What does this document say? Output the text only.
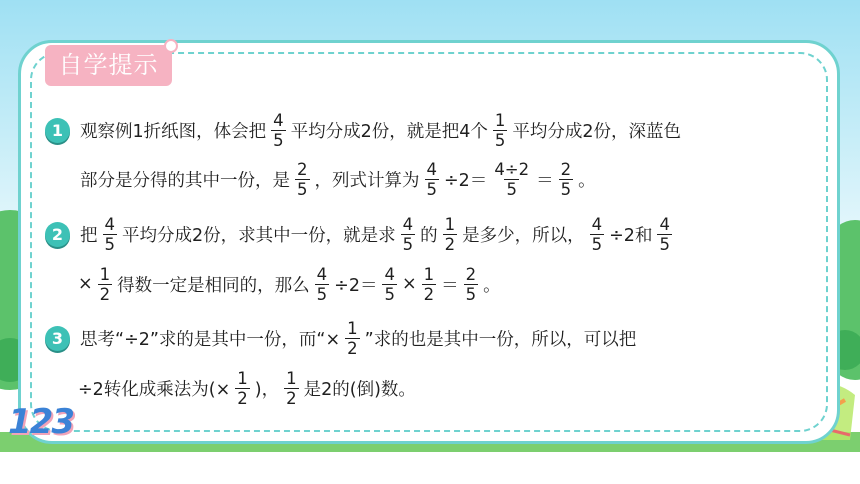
自学提示
1 观察例1折纸图，体会把 $\frac{4}{5}$ 平均分成2份，就是把4个 $\frac{1}{5}$ 平均分成2份，深蓝色
部分是分得的其中一份，是 $\frac{2}{5}$ ，列式计算为 $\frac{4}{5} \div 2= \frac{4\div 2}{5} = \frac{2}{5}$ 。
2 把 $\frac{4}{5}$ 平均分成2份，求其中一份，就是求 $\frac{4}{5}$ 的 $\frac{1}{2}$ 是多少，所以， $\frac{4}{5} \div 2$和 $\frac{4}{5}$
× $\frac{1}{2}$ 得数一定是相同的，那么 $\frac{4}{5} \div 2= \frac{4}{5} \times \frac{1}{2} = \frac{2}{5}$ 。
3 思考“÷2”求的是其中一份，而“× $\frac{1}{2}$ ”求的也是其中一份，所以，可以把
÷2转化成乘法为(× $\frac{1}{2}$ )， $\frac{1}{2}$ 是2的(倒)数。
123
